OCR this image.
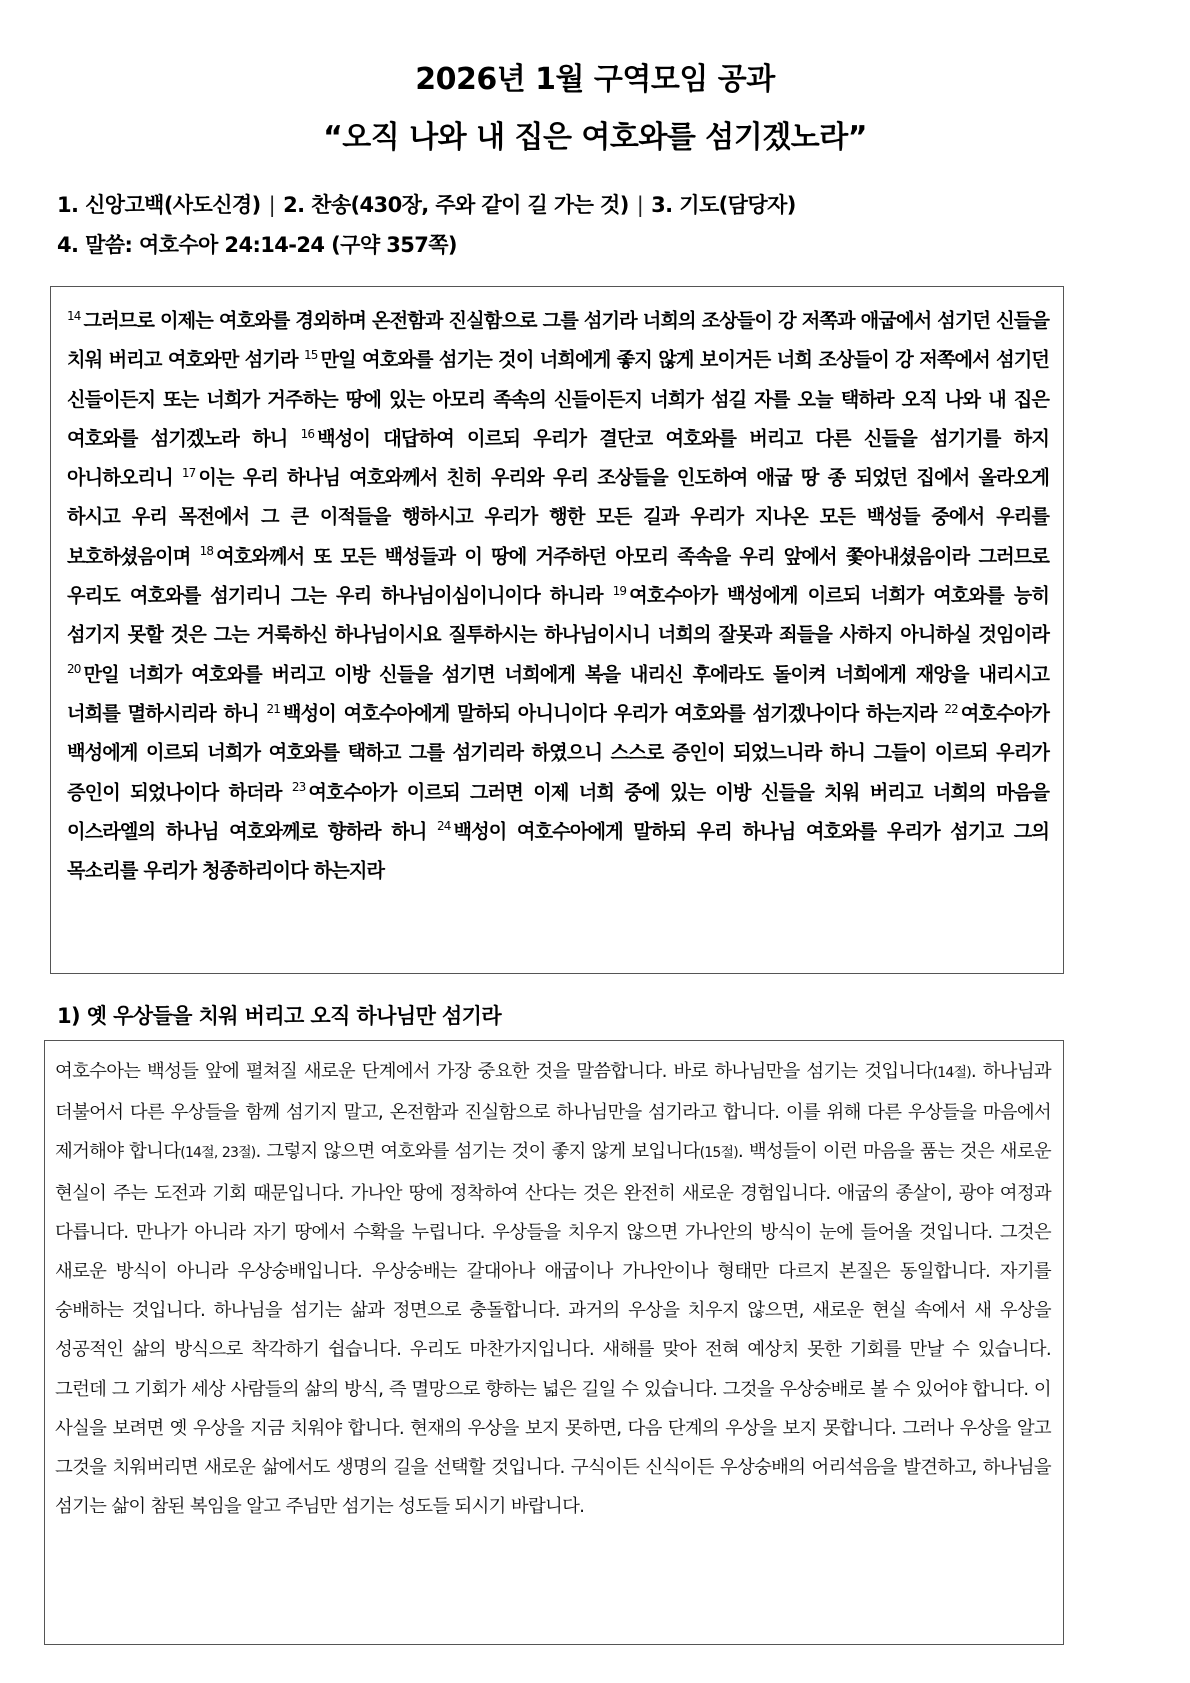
2026년 1월 구역모임 공과
“오직 나와 내 집은 여호와를 섬기겠노라”
1. 신앙고백(사도신경) | 2. 찬송(430장, 주와 같이 길 가는 것) | 3. 기도(담당자)
4. 말씀: 여호수아 24:14-24 (구약 357쪽)
$^{14}$ 그러므로 이제는 여호와를 경외하며 온전함과 진실함으로 그를 섬기라 너희의 조상들이 강 저쪽과 애굽에서 섬기던 신들을 치워 버리고 여호와만 섬기라 $^{15}$ 만일 여호와를 섬기는 것이 너희에게 좋지 않게 보이거든 너희 조상들이 강 저쪽에서 섬기던 신들이든지 또는 너희가 거주하는 땅에 있는 아모리 족속의 신들이든지 너희가 섬길 자를 오늘 택하라 오직 나와 내 집은 여호와를 섬기겠노라 하니 $^{16}$ 백성이 대답하여 이르되 우리가 결단코 여호와를 버리고 다른 신들을 섬기기를 하지 아니하오리니 $^{17}$ 이는 우리 하나님 여호와께서 친히 우리와 우리 조상들을 인도하여 애굽 땅 종 되었던 집에서 올라오게 하시고 우리 목전에서 그 큰 이적들을 행하시고 우리가 행한 모든 길과 우리가 지나온 모든 백성들 중에서 우리를 보호하셨음이며 $^{18}$ 여호와께서 또 모든 백성들과 이 땅에 거주하던 아모리 족속을 우리 앞에서 쫓아내셨음이라 그러므로 우리도 여호와를 섬기리니 그는 우리 하나님이심이니이다 하니라 $^{19}$ 여호수아가 백성에게 이르되 너희가 여호와를 능히 섬기지 못할 것은 그는 거룩하신 하나님이시요 질투하시는 하나님이시니 너희의 잘못과 죄들을 사하지 아니하실 것임이라 $^{20}$ 만일 너희가 여호와를 버리고 이방 신들을 섬기면 너희에게 복을 내리신 후에라도 돌이켜 너희에게 재앙을 내리시고 너희를 멸하시리라 하니 $^{21}$ 백성이 여호수아에게 말하되 아니니이다 우리가 여호와를 섬기겠나이다 하는지라 $^{22}$ 여호수아가 백성에게 이르되 너희가 여호와를 택하고 그를 섬기리라 하였으니 스스로 증인이 되었느니라 하니 그들이 이르되 우리가 증인이 되었나이다 하더라 $^{23}$ 여호수아가 이르되 그러면 이제 너희 중에 있는 이방 신들을 치워 버리고 너희의 마음을 이스라엘의 하나님 여호와께로 향하라 하니 $^{24}$ 백성이 여호수아에게 말하되 우리 하나님 여호와를 우리가 섬기고 그의 목소리를 우리가 청종하리이다 하는지라
1) 옛 우상들을 치워 버리고 오직 하나님만 섬기라
여호수아는 백성들 앞에 펼쳐질 새로운 단계에서 가장 중요한 것을 말씀합니다. 바로 하나님만을 섬기는 것입니다(14절). 하나님과 더불어서 다른 우상들을 함께 섬기지 말고, 온전함과 진실함으로 하나님만을 섬기라고 합니다. 이를 위해 다른 우상들을 마음에서 제거해야 합니다(14절, 23절). 그렇지 않으면 여호와를 섬기는 것이 좋지 않게 보입니다(15절). 백성들이 이런 마음을 품는 것은 새로운 현실이 주는 도전과 기회 때문입니다. 가나안 땅에 정착하여 산다는 것은 완전히 새로운 경험입니다. 애굽의 종살이, 광야 여정과 다릅니다. 만나가 아니라 자기 땅에서 수확을 누립니다. 우상들을 치우지 않으면 가나안의 방식이 눈에 들어올 것입니다. 그것은 새로운 방식이 아니라 우상숭배입니다. 우상숭배는 갈대아나 애굽이나 가나안이나 형태만 다르지 본질은 동일합니다. 자기를 숭배하는 것입니다. 하나님을 섬기는 삶과 정면으로 충돌합니다. 과거의 우상을 치우지 않으면, 새로운 현실 속에서 새 우상을 성공적인 삶의 방식으로 착각하기 쉽습니다. 우리도 마찬가지입니다. 새해를 맞아 전혀 예상치 못한 기회를 만날 수 있습니다. 그런데 그 기회가 세상 사람들의 삶의 방식, 즉 멸망으로 향하는 넓은 길일 수 있습니다. 그것을 우상숭배로 볼 수 있어야 합니다. 이 사실을 보려면 옛 우상을 지금 치워야 합니다. 현재의 우상을 보지 못하면, 다음 단계의 우상을 보지 못합니다. 그러나 우상을 알고 그것을 치워버리면 새로운 삶에서도 생명의 길을 선택할 것입니다. 구식이든 신식이든 우상숭배의 어리석음을 발견하고, 하나님을 섬기는 삶이 참된 복임을 알고 주님만 섬기는 성도들 되시기 바랍니다.
